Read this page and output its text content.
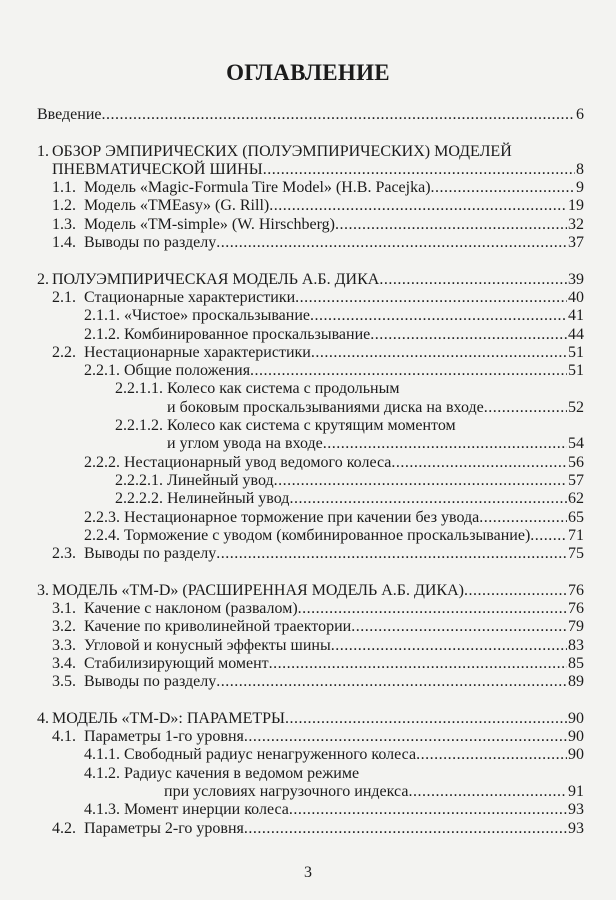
ОГЛАВЛЕНИЕ
Введение .....	6
1. ОБЗОР ЭМПИРИЧЕСКИХ (ПОЛУЭМПИРИЧЕСКИХ) МОДЕЛЕЙ
ПНЕВМАТИЧЕСКОЙ ШИНЫ .....	8
1.1. Модель «Magic-Formula Tire Model» (H.B. Pacejka) .....	9
1.2. Модель «TMEasy» (G. Rill) .....	19
1.3. Модель «TM-simple» (W. Hirschberg) .....	32
1.4. Выводы по разделу .....	37
2. ПОЛУЭМПИРИЧЕСКАЯ МОДЕЛЬ А.Б. ДИКА .....	39
2.1. Стационарные характеристики .....	40
2.1.1. «Чистое» проскальзывание .....	41
2.1.2. Комбинированное проскальзывание .....	44
2.2. Нестационарные характеристики .....	51
2.2.1. Общие положения .....	51
2.2.1.1. Колесо как система с продольным
и боковым проскальзываниями диска на входе .....	52
2.2.1.2. Колесо как система с крутящим моментом
и углом увода на входе .....	54
2.2.2. Нестационарный увод ведомого колеса .....	56
2.2.2.1. Линейный увод .....	57
2.2.2.2. Нелинейный увод .....	62
2.2.3. Нестационарное торможение при качении без увода .....	65
2.2.4. Торможение с уводом (комбинированное проскальзывание) ..... 71
2.3. Выводы по разделу .....	75
3. МОДЕЛЬ «TM-D» (РАСШИРЕННАЯ МОДЕЛЬ А.Б. ДИКА) .....	76
3.1. Качение с наклоном (развалом) .....	76
3.2. Качение по криволинейной траектории .....	79
3.3. Угловой и конусный эффекты шины .....	83
3.4. Стабилизирующий момент .....	85
3.5. Выводы по разделу .....	89
4. МОДЕЛЬ «TM-D»: ПАРАМЕТРЫ .....	90
4.1. Параметры 1-го уровня .....	90
4.1.1. Свободный радиус ненагруженного колеса .....	90
4.1.2. Радиус качения в ведомом режиме
при условиях нагрузочного индекса .....	91
4.1.3. Момент инерции колеса .....	93
4.2. Параметры 2-го уровня .....	93
3
